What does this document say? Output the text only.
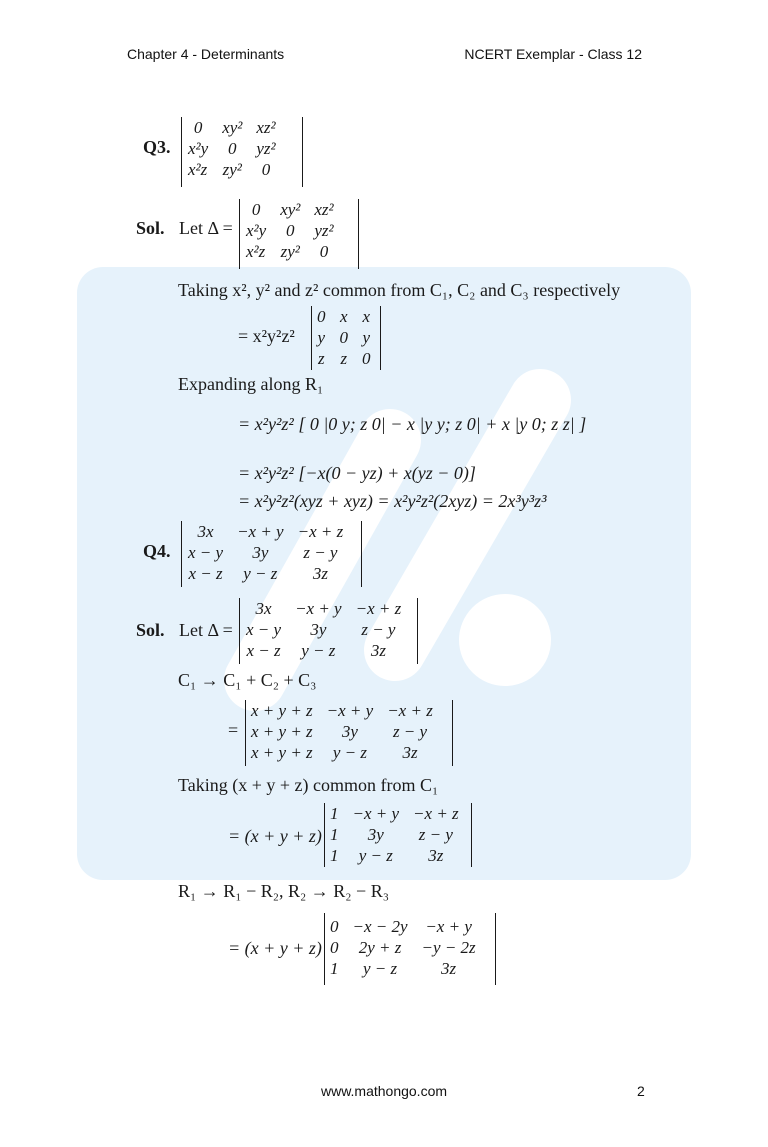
Chapter 4 - Determinants	NCERT Exemplar - Class 12
Q3.
0	xy²	xz²
x²y	0	yz²
x²z	zy²	0
Sol. Let Δ =
0	xy²	xz²
x²y	0	yz²
x²z	zy²	0
Taking x², y² and z² common from C₁, C₂ and C₃ respectively
= x²y²z²
0	x	x
y	0	y
z	z	0
Expanding along R₁
= x²y²z² [ 0 |0 y; z 0| − x |y y; z 0| + x |y 0; z z| ]
= x²y²z² [−x(0 − yz) + x(yz − 0)]
= x²y²z²(xyz + xyz) = x²y²z²(2xyz) = 2x³y³z³
Q4.
3x	−x + y	−x + z
x − y	3y	z − y
x − z	y − z	3z
Sol. Let Δ =
3x	−x + y	−x + z
x − y	3y	z − y
x − z	y − z	3z
C₁ → C₁ + C₂ + C₃
=
x + y + z	−x + y	−x + z
x + y + z	3y	z − y
x + y + z	y − z	3z
Taking (x + y + z) common from C₁
= (x + y + z)
1	−x + y	−x + z
1	3y	z − y
1	y − z	3z
R₁ → R₁ − R₂, R₂ → R₂ − R₃
= (x + y + z)
0	−x − 2y	−x + y
0	2y + z	−y − 2z
1	y − z	3z
www.mathongo.com	2
